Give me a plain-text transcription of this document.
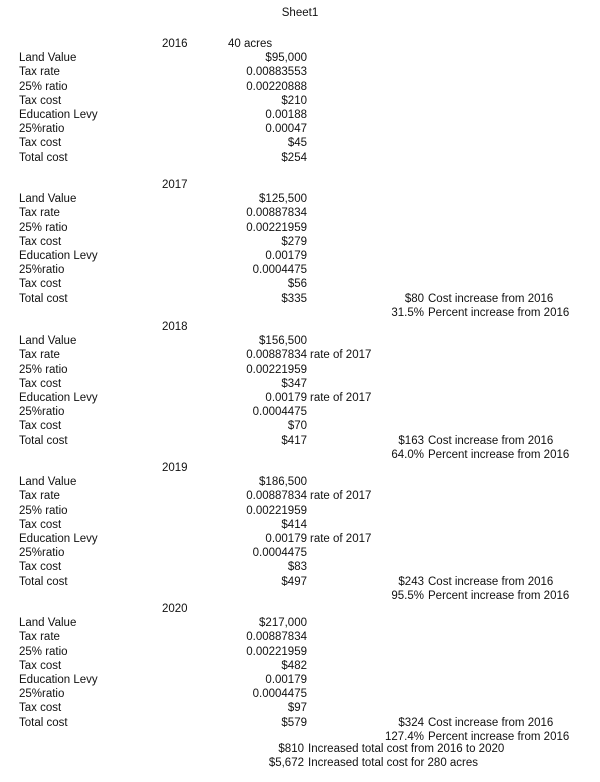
Sheet1
2016	40 acres
Land Value	$95,000
Tax rate	0.00883553
25% ratio	0.00220888
Tax cost	$210
Education Levy	0.00188
25%ratio	0.00047
Tax cost	$45
Total cost	$254
2017
Land Value	$125,500
Tax rate	0.00887834
25% ratio	0.00221959
Tax cost	$279
Education Levy	0.00179
25%ratio	0.0004475
Tax cost	$56
Total cost	$335	$80 Cost increase from 2016
31.5% Percent increase from 2016
2018
Land Value	$156,500
Tax rate	0.00887834 rate of 2017
25% ratio	0.00221959
Tax cost	$347
Education Levy	0.00179 rate of 2017
25%ratio	0.0004475
Tax cost	$70
Total cost	$417	$163 Cost increase from 2016
64.0% Percent increase from 2016
2019
Land Value	$186,500
Tax rate	0.00887834 rate of 2017
25% ratio	0.00221959
Tax cost	$414
Education Levy	0.00179 rate of 2017
25%ratio	0.0004475
Tax cost	$83
Total cost	$497	$243 Cost increase from 2016
95.5% Percent increase from 2016
2020
Land Value	$217,000
Tax rate	0.00887834
25% ratio	0.00221959
Tax cost	$482
Education Levy	0.00179
25%ratio	0.0004475
Tax cost	$97
Total cost	$579	$324 Cost increase from 2016
127.4% Percent increase from 2016
$810 Increased total cost from 2016 to 2020
$5,672 Increased total cost for 280 acres
